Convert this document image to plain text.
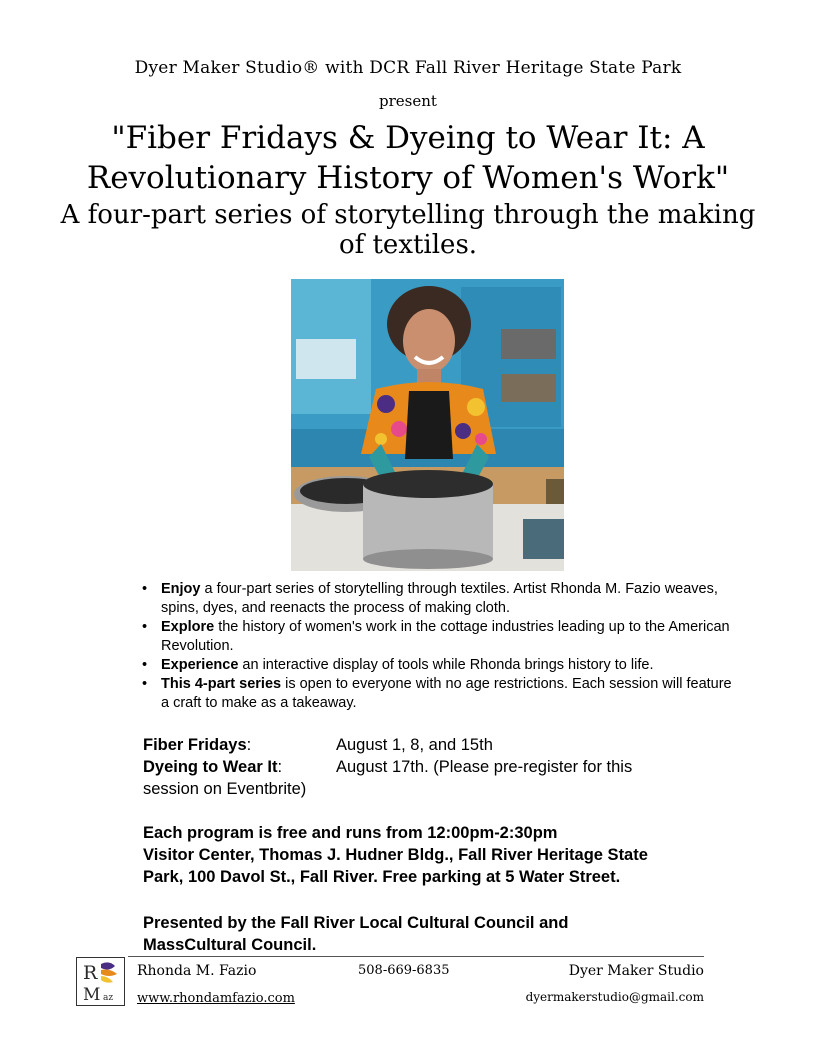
Dyer Maker Studio® with DCR Fall River Heritage State Park
present
"Fiber Fridays & Dyeing to Wear It: A
Revolutionary History of Women's Work"
A four-part series of storytelling through the making of textiles.
• Enjoy a four-part series of storytelling through textiles. Artist Rhonda M. Fazio weaves, spins, dyes, and reenacts the process of making cloth.
• Explore the history of women's work in the cottage industries leading up to the American Revolution.
• Experience an interactive display of tools while Rhonda brings history to life.
• This 4-part series is open to everyone with no age restrictions. Each session will feature a craft to make as a takeaway.
Fiber Fridays:	August 1, 8, and 15th
Dyeing to Wear It:	August 17th. (Please pre-register for this
session on Eventbrite)
Each program is free and runs from 12:00pm-2:30pm
Visitor Center, Thomas J. Hudner Bldg., Fall River Heritage State
Park, 100 Davol St., Fall River. Free parking at 5 Water Street.
Presented by the Fall River Local Cultural Council and
MassCultural Council.
R
M az
Rhonda M. Fazio
www.rhondamfazio.com
508-669-6835	Dyer Maker Studio
dyermakerstudio@gmail.com
